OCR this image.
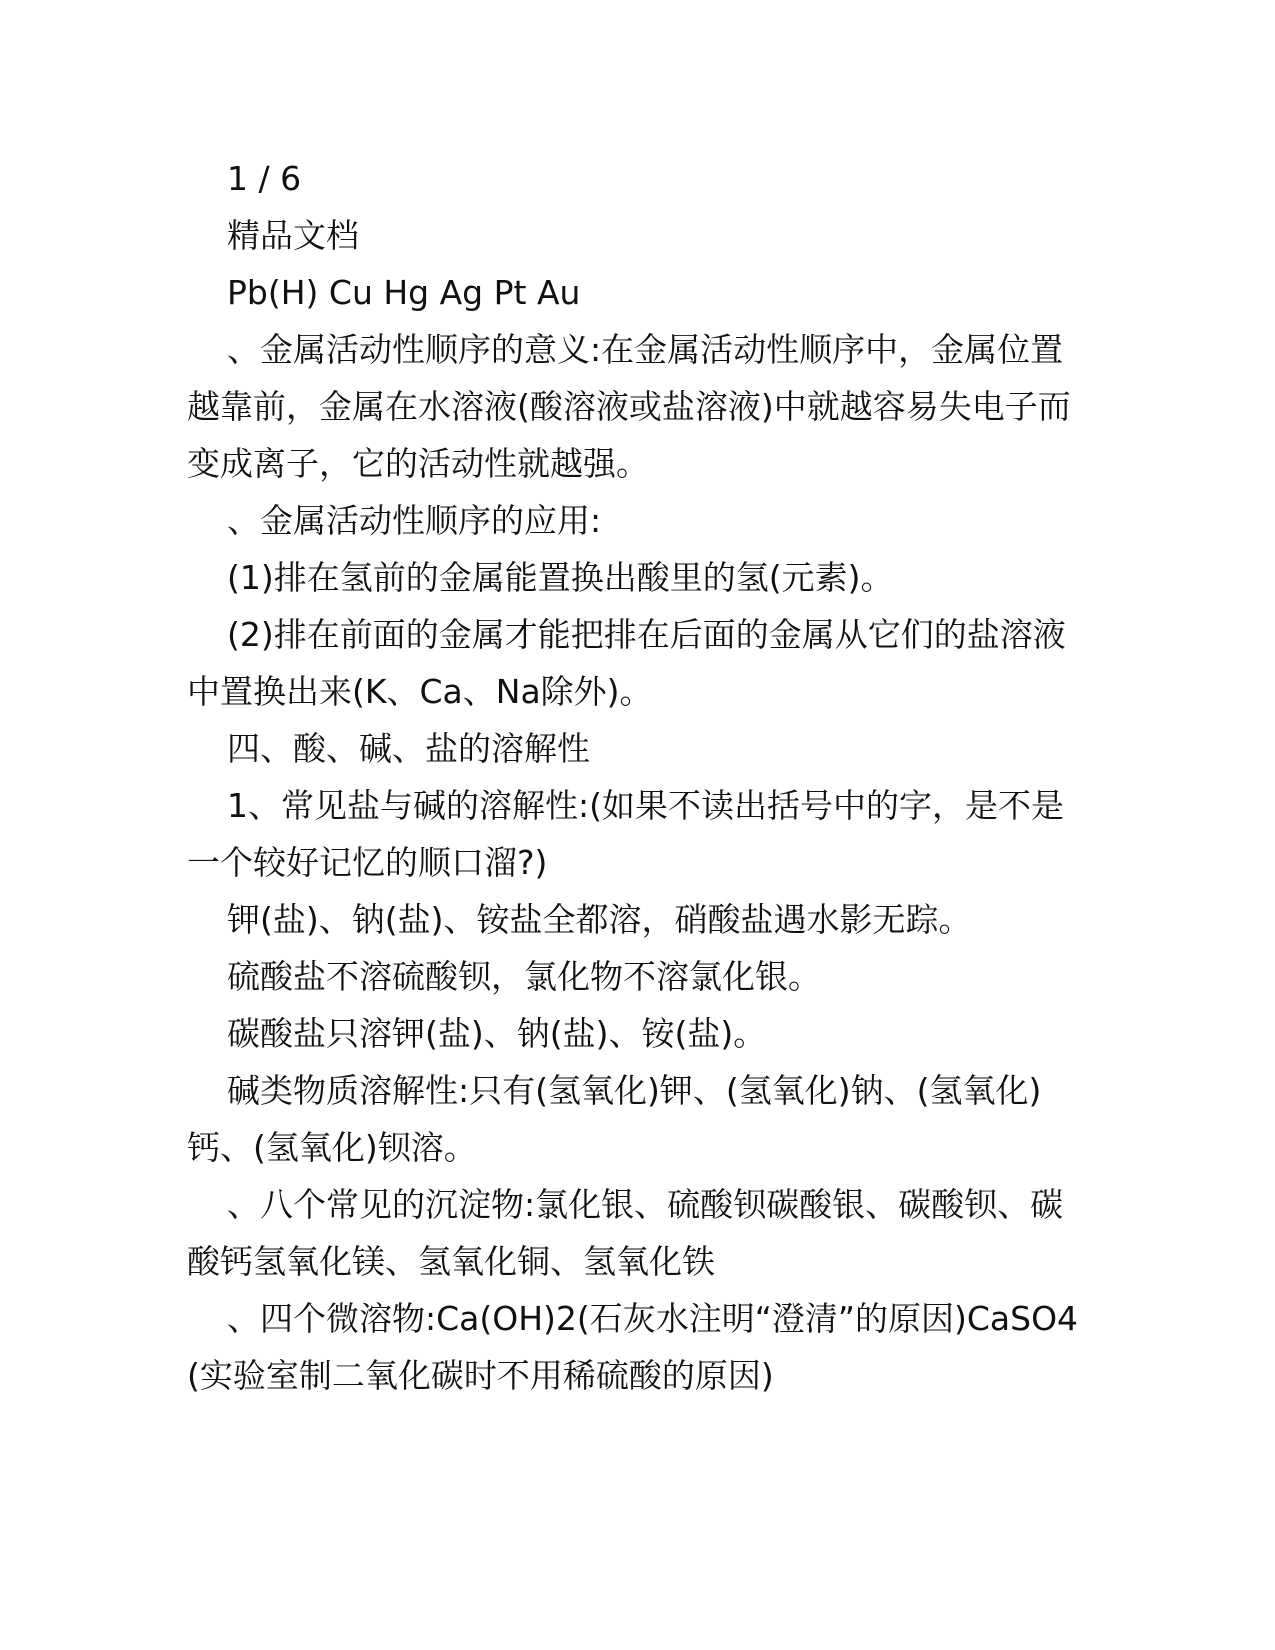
1 / 6

精品文档

Pb(H) Cu Hg Ag Pt Au

、金属活动性顺序的意义:在金属活动性顺序中，金属位置越靠前，金属在水溶液(酸溶液或盐溶液)中就越容易失电子而变成离子，它的活动性就越强。

、金属活动性顺序的应用:

(1)排在氢前的金属能置换出酸里的氢(元素)。

(2)排在前面的金属才能把排在后面的金属从它们的盐溶液中置换出来(K、Ca、Na除外)。

四、酸、碱、盐的溶解性

1、常见盐与碱的溶解性:(如果不读出括号中的字，是不是一个较好记忆的顺口溜?)

钾(盐)、钠(盐)、铵盐全都溶，硝酸盐遇水影无踪。

硫酸盐不溶硫酸钡，氯化物不溶氯化银。

碳酸盐只溶钾(盐)、钠(盐)、铵(盐)。

碱类物质溶解性:只有(氢氧化)钾、(氢氧化)钠、(氢氧化)钙、(氢氧化)钡溶。

、八个常见的沉淀物:氯化银、硫酸钡碳酸银、碳酸钡、碳酸钙氢氧化镁、氢氧化铜、氢氧化铁

、四个微溶物:Ca(OH)2(石灰水注明“澄清”的原因)CaSO4(实验室制二氧化碳时不用稀硫酸的原因)
